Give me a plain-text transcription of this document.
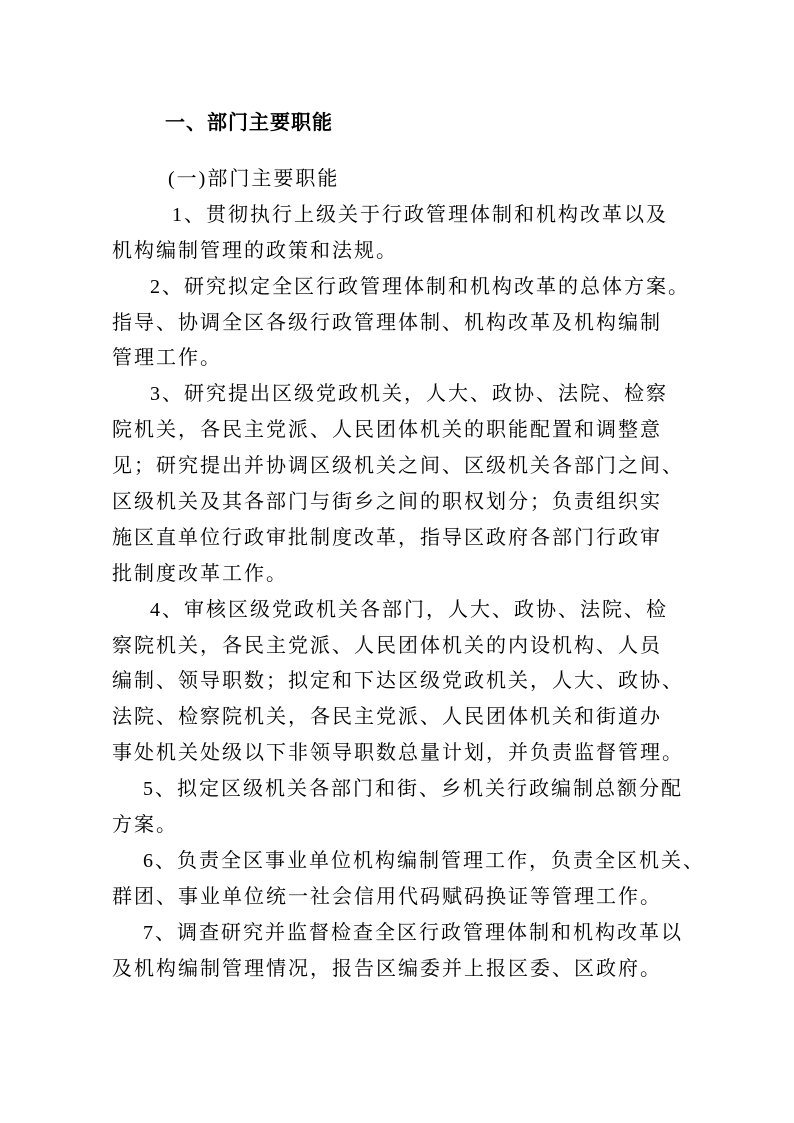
一、部门主要职能
(一)部门主要职能
1、贯彻执行上级关于行政管理体制和机构改革以及
机构编制管理的政策和法规。
2、研究拟定全区行政管理体制和机构改革的总体方案。
指导、协调全区各级行政管理体制、机构改革及机构编制
管理工作。
3、研究提出区级党政机关，人大、政协、法院、检察
院机关，各民主党派、人民团体机关的职能配置和调整意
见；研究提出并协调区级机关之间、区级机关各部门之间、
区级机关及其各部门与街乡之间的职权划分；负责组织实
施区直单位行政审批制度改革，指导区政府各部门行政审
批制度改革工作。
4、审核区级党政机关各部门，人大、政协、法院、检
察院机关，各民主党派、人民团体机关的内设机构、人员
编制、领导职数；拟定和下达区级党政机关，人大、政协、
法院、检察院机关，各民主党派、人民团体机关和街道办
事处机关处级以下非领导职数总量计划，并负责监督管理。
5、拟定区级机关各部门和街、乡机关行政编制总额分配
方案。
6、负责全区事业单位机构编制管理工作，负责全区机关、
群团、事业单位统一社会信用代码赋码换证等管理工作。
7、调查研究并监督检查全区行政管理体制和机构改革以
及机构编制管理情况，报告区编委并上报区委、区政府。
